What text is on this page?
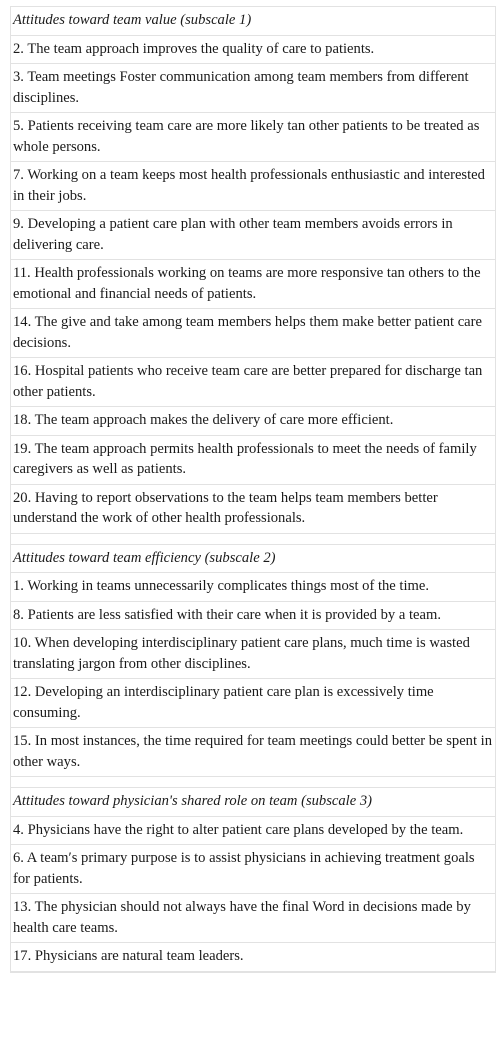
Attitudes toward team value (subscale 1)
2. The team approach improves the quality of care to patients.
3. Team meetings Foster communication among team members from different disciplines.
5. Patients receiving team care are more likely tan other patients to be treated as whole persons.
7. Working on a team keeps most health professionals enthusiastic and interested in their jobs.
9. Developing a patient care plan with other team members avoids errors in delivering care.
11. Health professionals working on teams are more responsive tan others to the emotional and financial needs of patients.
14. The give and take among team members helps them make better patient care decisions.
16. Hospital patients who receive team care are better prepared for discharge tan other patients.
18. The team approach makes the delivery of care more efficient.
19. The team approach permits health professionals to meet the needs of family caregivers as well as patients.
20. Having to report observations to the team helps team members better understand the work of other health professionals.
Attitudes toward team efficiency (subscale 2)
1. Working in teams unnecessarily complicates things most of the time.
8. Patients are less satisfied with their care when it is provided by a team.
10. When developing interdisciplinary patient care plans, much time is wasted translating jargon from other disciplines.
12. Developing an interdisciplinary patient care plan is excessively time consuming.
15. In most instances, the time required for team meetings could better be spent in other ways.
Attitudes toward physician's shared role on team (subscale 3)
4. Physicians have the right to alter patient care plans developed by the team.
6. A team′s primary purpose is to assist physicians in achieving treatment goals for patients.
13. The physician should not always have the final Word in decisions made by health care teams.
17. Physicians are natural team leaders.
